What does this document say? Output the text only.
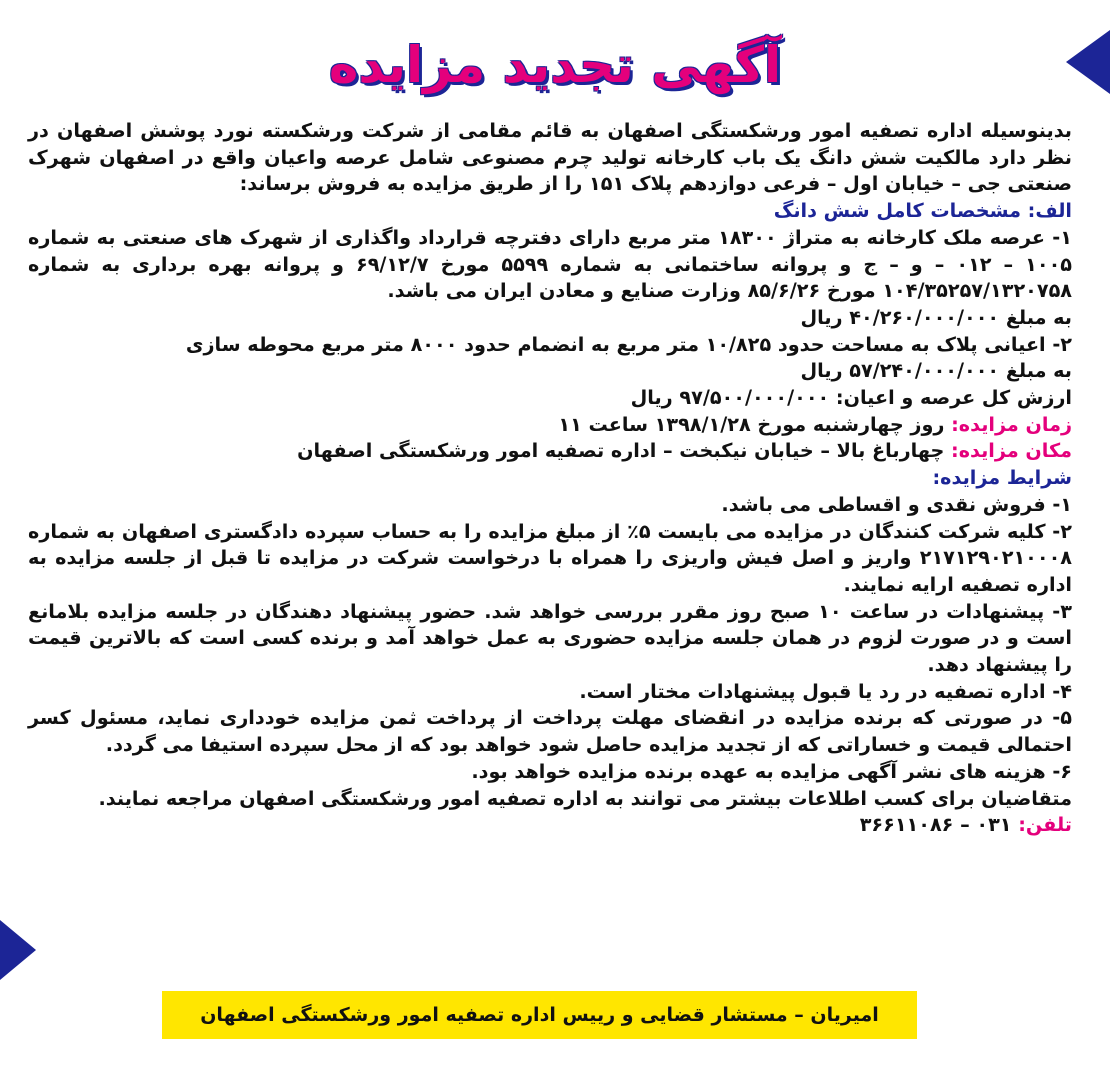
آگهی تجدید مزایده

بدینوسیله اداره تصفیه امور ورشکستگی اصفهان به قائم مقامی از شرکت ورشکسته نورد پوشش اصفهان در نظر دارد مالکیت شش دانگ یک باب کارخانه تولید چرم مصنوعی شامل عرصه واعیان واقع در اصفهان شهرک صنعتی جی – خیابان اول – فرعی دوازدهم پلاک ۱۵۱ را از طریق مزایده به فروش برساند:

الف: مشخصات کامل شش دانگ

۱- عرصه ملک کارخانه به متراژ ۱۸۳۰۰ متر مربع دارای دفترچه قرارداد واگذاری از شهرک های صنعتی به شماره ۱۰۰۵ – ۰۱۲ – و – ج و پروانه ساختمانی به شماره ۵۵۹۹ مورخ ۶۹/۱۲/۷ و پروانه بهره برداری به شماره ۱۰۴/۳۵۲۵۷/۱۳۲۰۷۵۸ مورخ ۸۵/۶/۲۶ وزارت صنایع و معادن ایران می باشد.

به مبلغ ۴۰/۲۶۰/۰۰۰/۰۰۰ ریال

۲- اعیانی پلاک به مساحت حدود ۱۰/۸۲۵ متر مربع به انضمام حدود ۸۰۰۰ متر مربع محوطه سازی

به مبلغ ۵۷/۲۴۰/۰۰۰/۰۰۰ ریال

ارزش کل عرصه و اعیان: ۹۷/۵۰۰/۰۰۰/۰۰۰ ریال

زمان مزایده: روز چهارشنبه مورخ ۱۳۹۸/۱/۲۸ ساعت ۱۱

مکان مزایده: چهارباغ بالا – خیابان نیکبخت – اداره تصفیه امور ورشکستگی اصفهان

شرایط مزایده:

۱- فروش نقدی و اقساطی می باشد.

۲- کلیه شرکت کنندگان در مزایده می بایست ۵٪ از مبلغ مزایده را به حساب سپرده دادگستری اصفهان به شماره ۲۱۷۱۲۹۰۲۱۰۰۰۸ واریز و اصل فیش واریزی را همراه با درخواست شرکت در مزایده تا قبل از جلسه مزایده به اداره تصفیه ارایه نمایند.

۳- پیشنهادات در ساعت ۱۰ صبح روز مقرر بررسی خواهد شد. حضور پیشنهاد دهندگان در جلسه مزایده بلامانع است و در صورت لزوم در همان جلسه مزایده حضوری به عمل خواهد آمد و برنده کسی است که بالاترین قیمت را پیشنهاد دهد.

۴- اداره تصفیه در رد یا قبول پیشنهادات مختار است.

۵- در صورتی که برنده مزایده در انقضای مهلت پرداخت از پرداخت ثمن مزایده خودداری نماید، مسئول کسر احتمالی قیمت و خساراتی که از تجدید مزایده حاصل شود خواهد بود که از محل سپرده استیفا می گردد.

۶- هزینه های نشر آگهی مزایده به عهده برنده مزایده خواهد بود.

متقاضیان برای کسب اطلاعات بیشتر می توانند به اداره تصفیه امور ورشکستگی اصفهان مراجعه نمایند.

تلفن: ۰۳۱ – ۳۶۶۱۱۰۸۶

امیریان – مستشار قضایی و رییس اداره تصفیه امور ورشکستگی اصفهان
